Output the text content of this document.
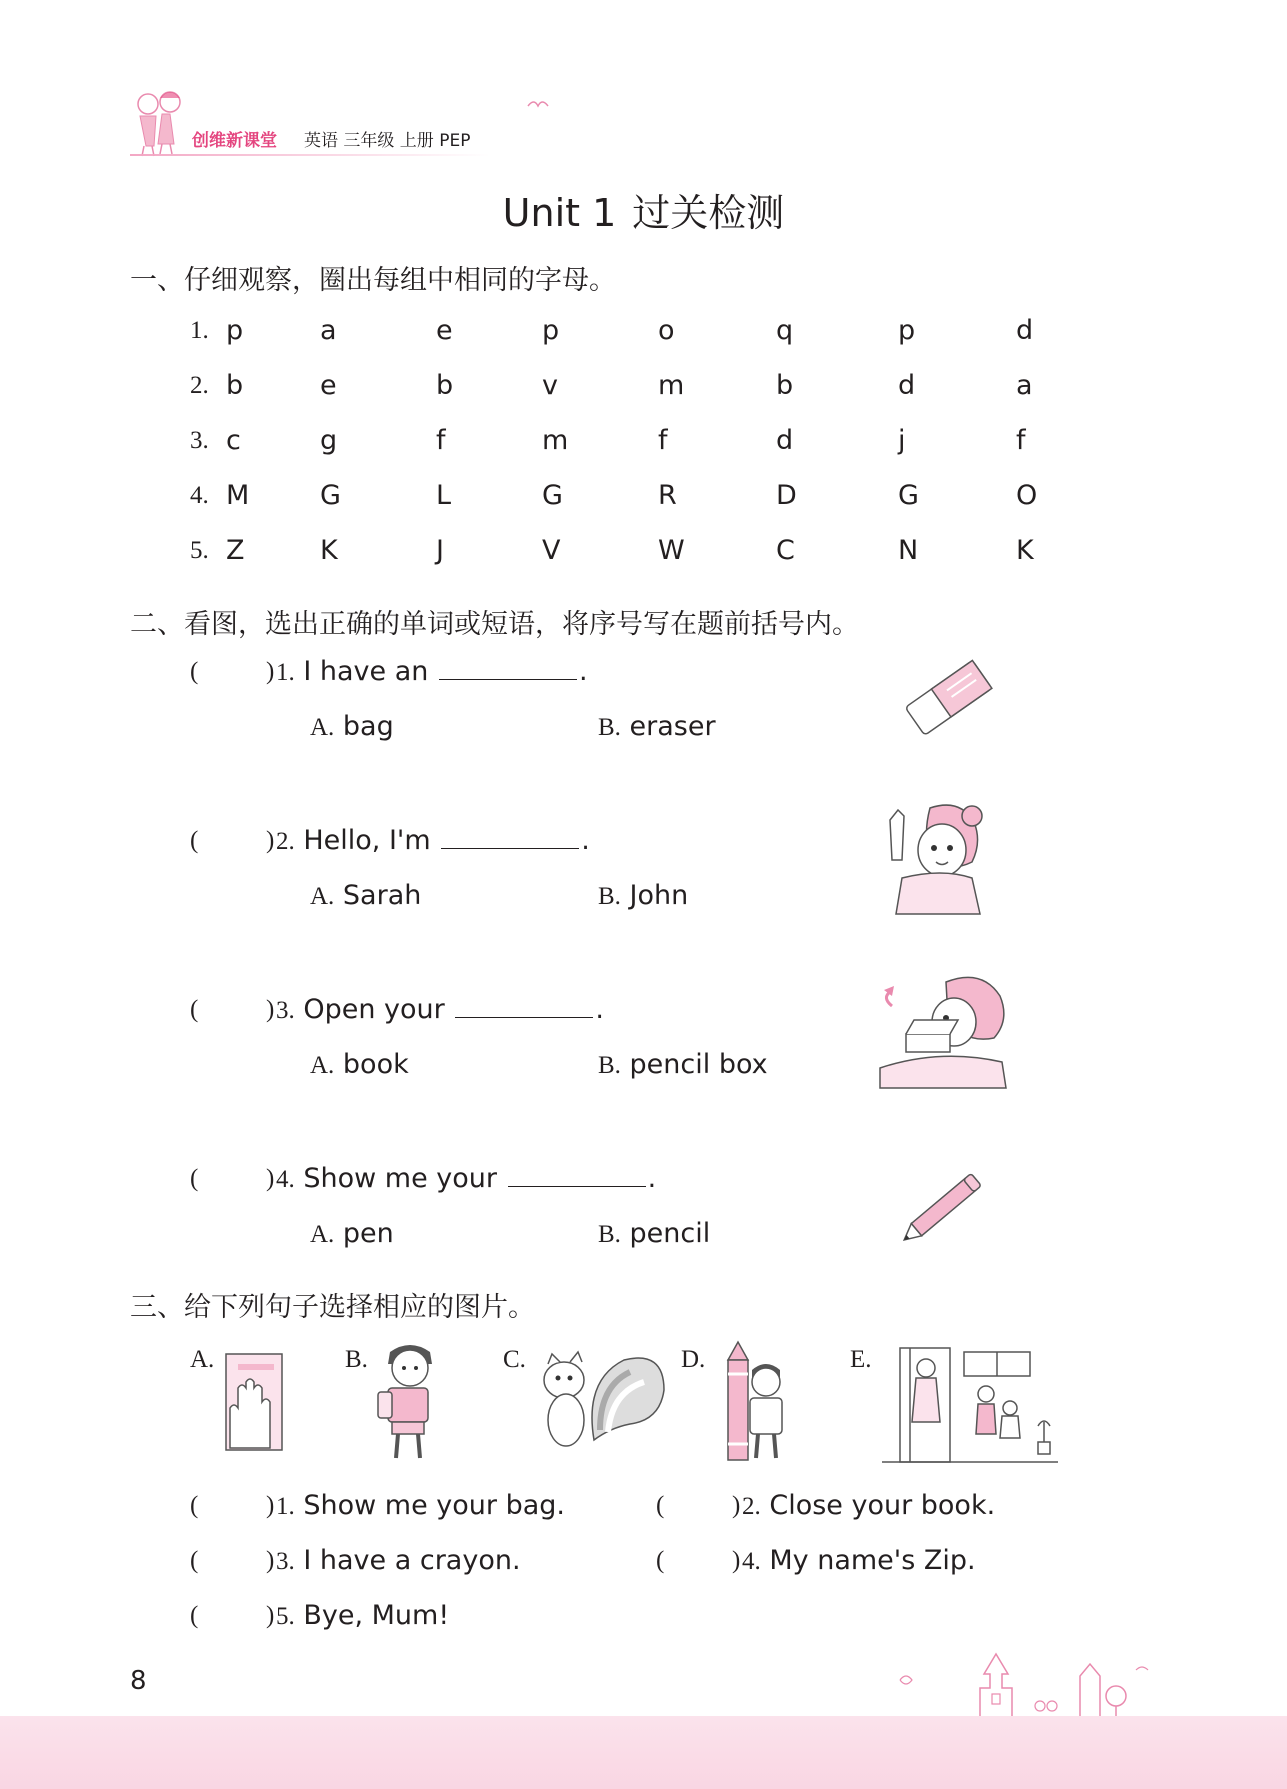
创维新课堂 英语 三年级 上册 PEP
Unit 1 过关检测
一、仔细观察，圈出每组中相同的字母。
1. p	a	e	p	o	q	p	d
2. b	e	b	v	m	b	d	a
3. c	g	f	m	f	d	j	f
4. M	G	L	G	R	D	G	O
5. Z	K	J	V	W	C	N	K
二、看图，选出正确的单词或短语，将序号写在题前括号内。
(	) 1. I have an	.
A. bag	B. eraser
(	) 2. Hello, I'm	.
A. Sarah	B. John
(	) 3. Open your	.
A. book	B. pencil box
(	) 4. Show me your	.
A. pen	B. pencil
三、给下列句子选择相应的图片。
A.	B.	C.	D.	E.
(	) 1. Show me your bag.	(	) 2. Close your book.
(	) 3. I have a crayon.	(	) 4. My name's Zip.
(	) 5. Bye, Mum!
8
